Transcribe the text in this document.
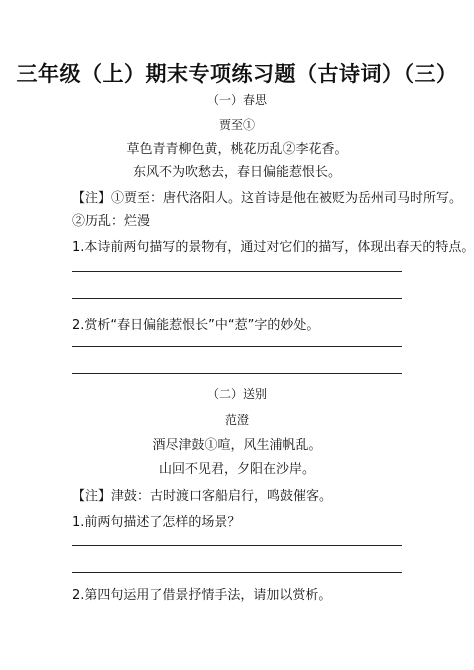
三年级（上）期末专项练习题（古诗词）（三）
（一）春思
贾至①
草色青青柳色黄，桃花历乱②李花香。
东风不为吹愁去，春日偏能惹恨长。
【注】①贾至：唐代洛阳人。这首诗是他在被贬为岳州司马时所写。
②历乱：烂漫
1.本诗前两句描写的景物有，通过对它们的描写，体现出春天的特点。
2.赏析“春日偏能惹恨长”中“惹”字的妙处。
（二）送别
范澄
酒尽津鼓①喧，风生浦帆乱。
山回不见君，夕阳在沙岸。
【注】津鼓：古时渡口客船启行，鸣鼓催客。
1.前两句描述了怎样的场景？
2.第四句运用了借景抒情手法，请加以赏析。
